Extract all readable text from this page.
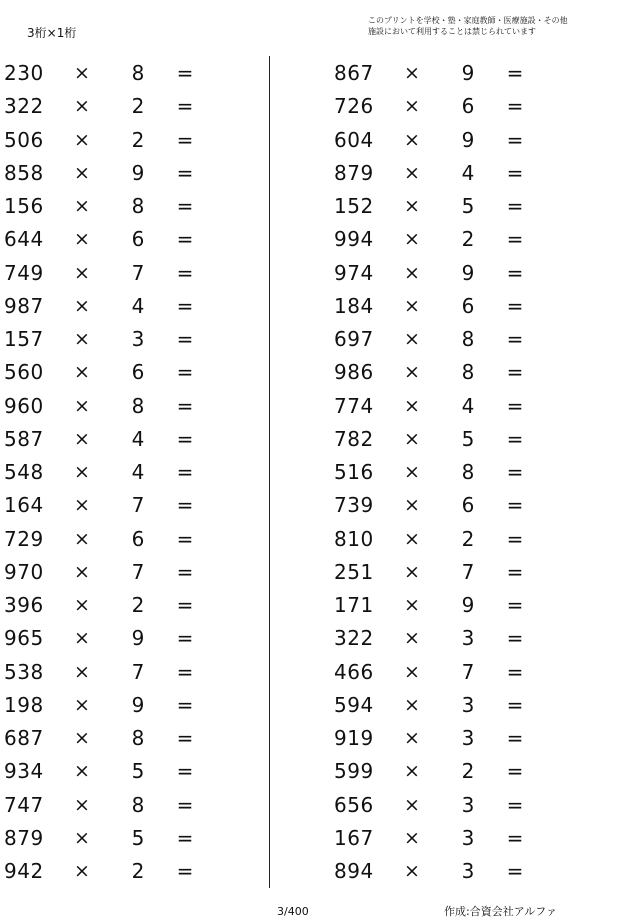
3桁×1桁
このプリントを学校・塾・家庭教師・医療施設・その他
施設において利用することは禁じられています
230	× 8 =
322	× 2 =
506	× 2 =
858	× 9 =
156	× 8 =
644	× 6 =
749	× 7 =
987	× 4 =
157	× 3 =
560	× 6 =
960	× 8 =
587	× 4 =
548	× 4 =
164	× 7 =
729	× 6 =
970	× 7 =
396	× 2 =
965	× 9 =
538	× 7 =
198	× 9 =
687	× 8 =
934	× 5 =
747	× 8 =
879	× 5 =
942	× 2 =
867	× 9 =
726	× 6 =
604	× 9 =
879	× 4 =
152	× 5 =
994	× 2 =
974	× 9 =
184	× 6 =
697	× 8 =
986	× 8 =
774	× 4 =
782	× 5 =
516	× 8 =
739	× 6 =
810	× 2 =
251	× 7 =
171	× 9 =
322	× 3 =
466	× 7 =
594	× 3 =
919	× 3 =
599	× 2 =
656	× 3 =
167	× 3 =
894	× 3 =
3/400	作成:合資会社アルファ
